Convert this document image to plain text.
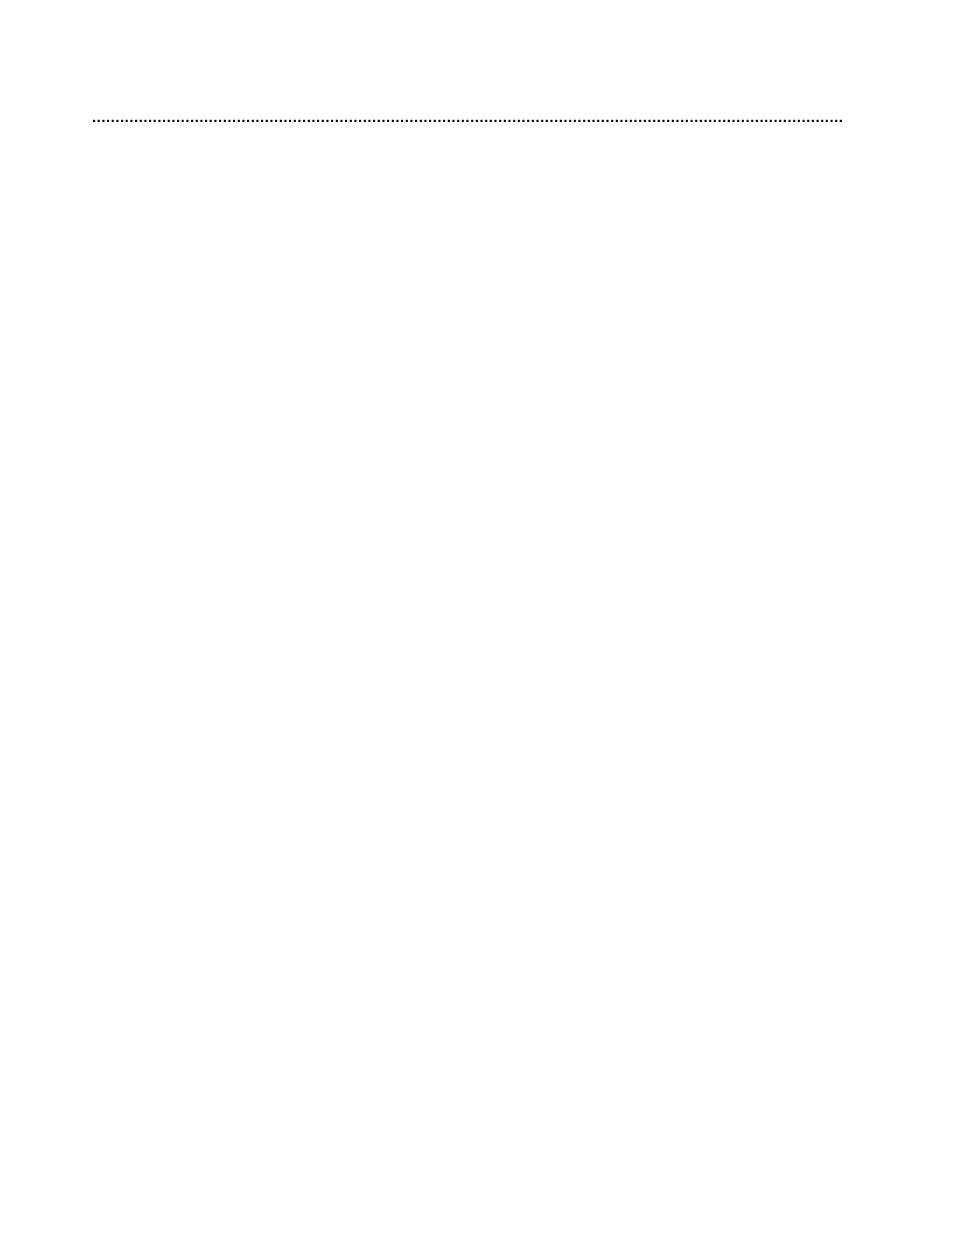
.....
